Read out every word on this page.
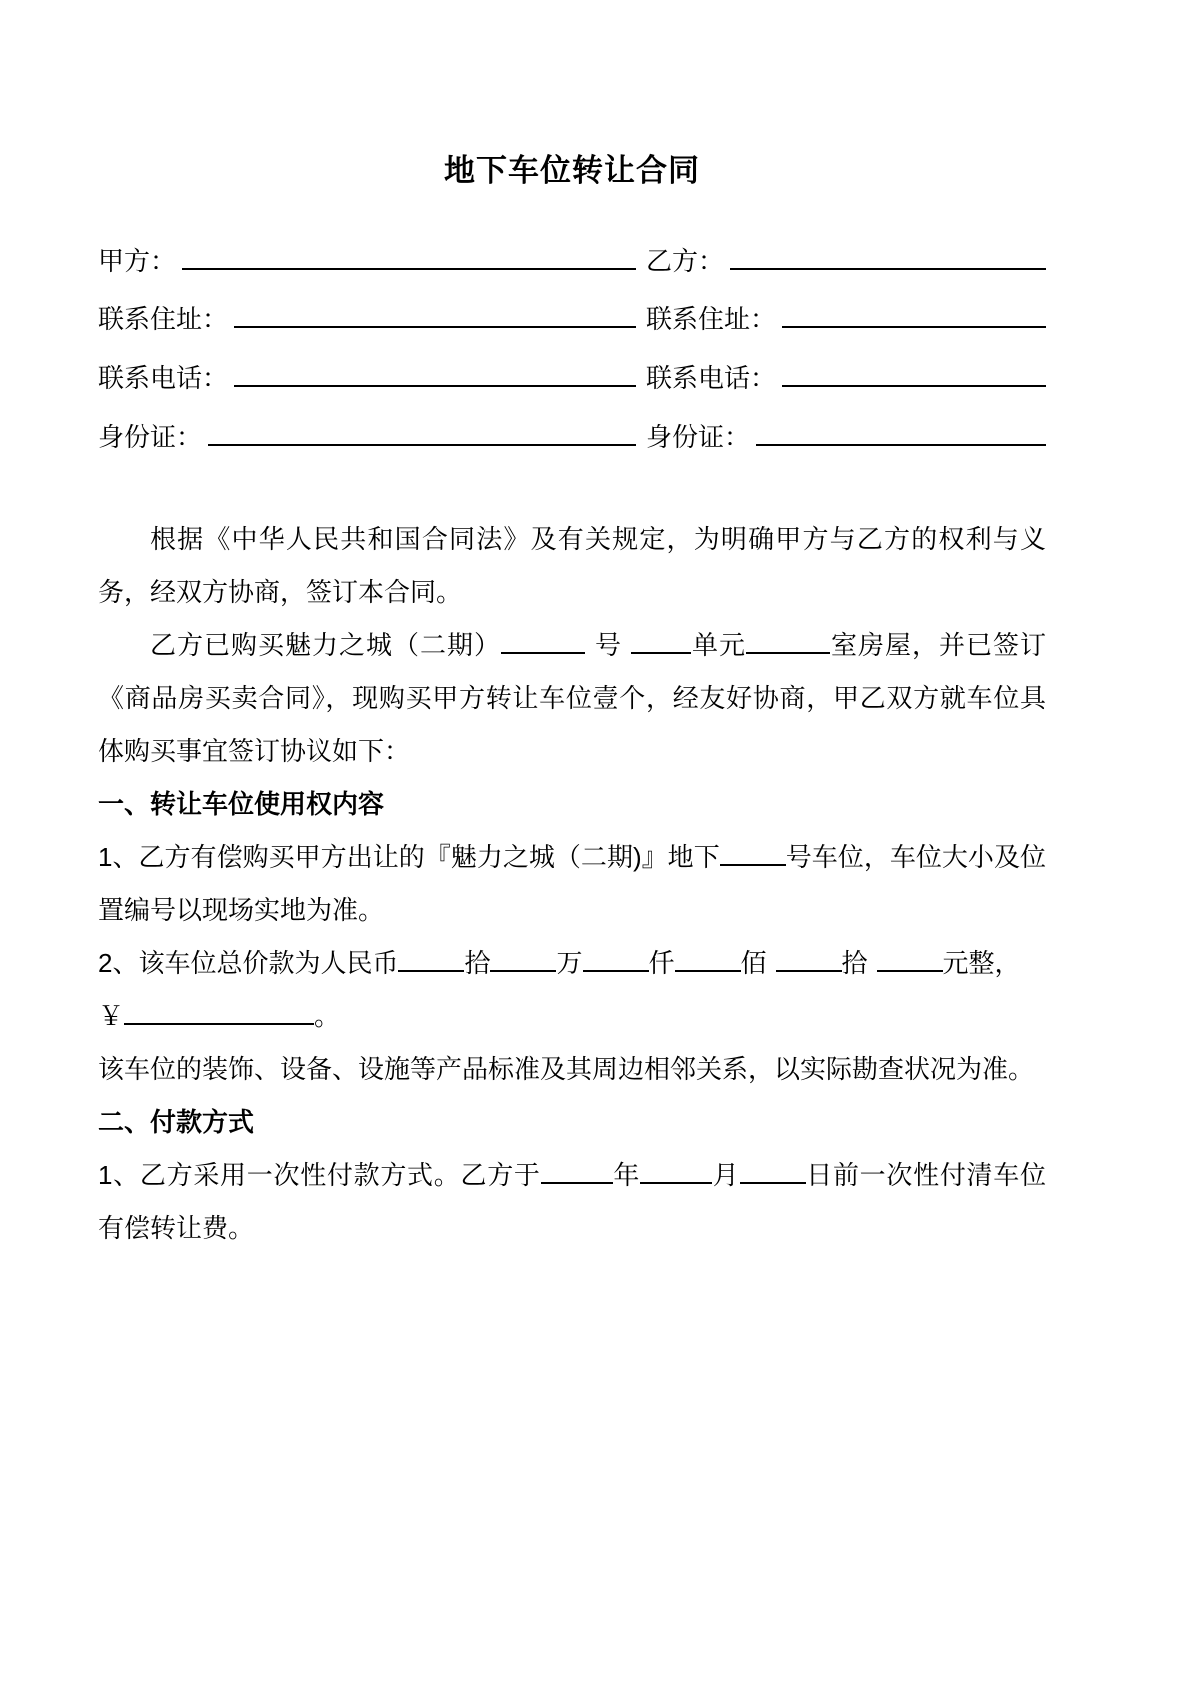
地下车位转让合同
甲方：	乙方：
联系住址：	联系住址：
联系电话：	联系电话：
身份证：	身份证：

根据《中华人民共和国合同法》及有关规定，为明确甲方与乙方的权利与义务，经双方协商，签订本合同。

乙方已购买魅力之城（二期）	号	单元	室房屋，并已签订《商品房买卖合同》，现购买甲方转让车位壹个，经友好协商，甲乙双方就车位具体购买事宜签订协议如下：

一、转让车位使用权内容

1、乙方有偿购买甲方出让的『魅力之城（二期)』地下	号车位，车位大小及位置编号以现场实地为准。

2、该车位总价款为人民币	拾	万	仟	佰	拾	元整，

￥	。

该车位的装饰、设备、设施等产品标准及其周边相邻关系，以实际勘查状况为准。

二、付款方式

1、乙方采用一次性付款方式。乙方于	年	月	日前一次性付清车位有偿转让费。
